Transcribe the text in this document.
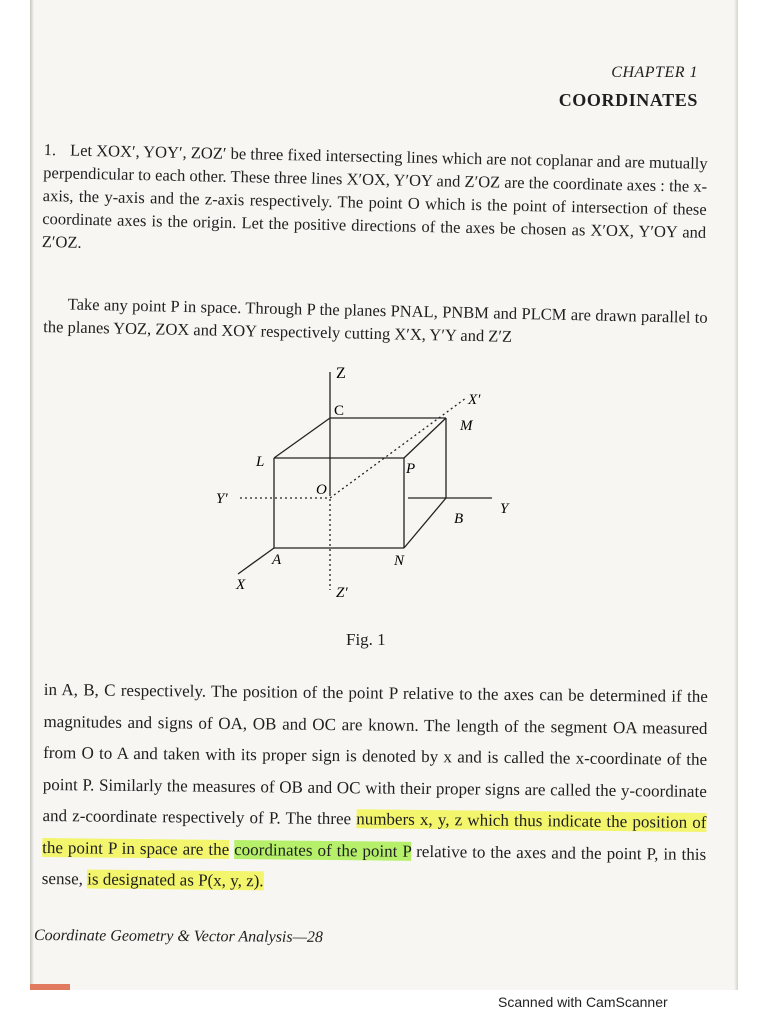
CHAPTER 1
COORDINATES
1. Let XOX′, YOY′, ZOZ′ be three fixed intersecting lines which are not coplanar and are mutually perpendicular to each other. These three lines X′OX, Y′OY and Z′OZ are the coordinate axes : the x-axis, the y-axis and the z-axis respectively. The point O which is the point of intersection of these coordinate axes is the origin. Let the positive directions of the axes be chosen as X′OX, Y′OY and Z′OZ.
Take any point P in space. Through P the planes PNAL, PNBM and PLCM are drawn parallel to the planes YOZ, ZOX and XOY respectively cutting X′X, Y′Y and Z′Z
Z
C
X′
M
L	P
Y′
O
Y
B
A	N
X	Z′
Fig. 1
in A, B, C respectively. The position of the point P relative to the axes can be determined if the magnitudes and signs of OA, OB and OC are known. The length of the segment OA measured from O to A and taken with its proper sign is denoted by x and is called the x-coordinate of the point P. Similarly the measures of OB and OC with their proper signs are called the y-coordinate and z-coordinate respectively of P. The three numbers x, y, z which thus indicate the position of the point P in space are the coordinates of the point P relative to the axes and the point P, in this sense, is designated as P(x, y, z).
Coordinate Geometry & Vector Analysis—28
Scanned with CamScanner
